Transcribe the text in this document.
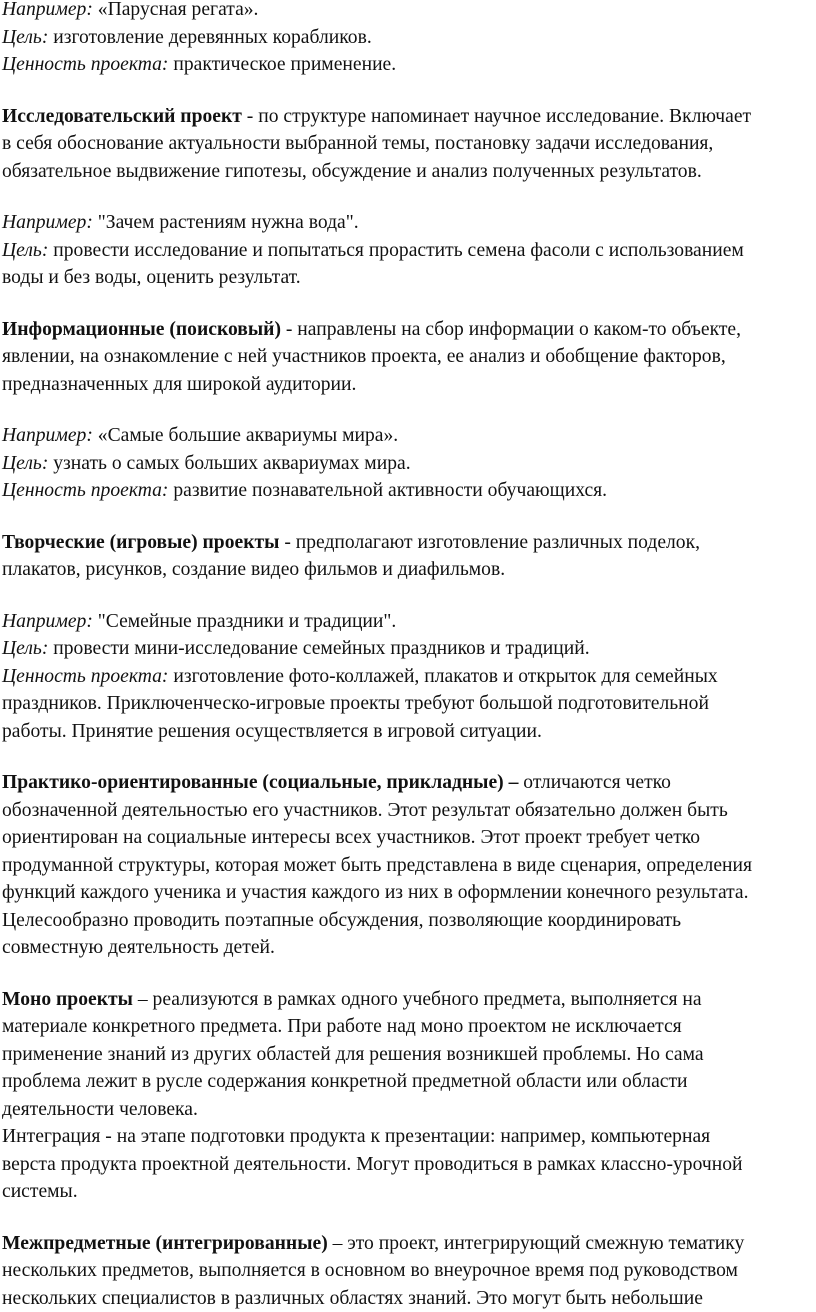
Например: «Парусная регата».
Цель: изготовление деревянных корабликов.
Ценность проекта: практическое применение.
Исследовательский проект - по структуре напоминает научное исследование. Включает
в себя обоснование актуальности выбранной темы, постановку задачи исследования,
обязательное выдвижение гипотезы, обсуждение и анализ полученных результатов.
Например: "Зачем растениям нужна вода".
Цель: провести исследование и попытаться прорастить семена фасоли с использованием
воды и без воды, оценить результат.
Информационные (поисковый) - направлены на сбор информации о каком-то объекте,
явлении, на ознакомление с ней участников проекта, ее анализ и обобщение факторов,
предназначенных для широкой аудитории.
Например: «Самые большие аквариумы мира».
Цель: узнать о самых больших аквариумах мира.
Ценность проекта: развитие познавательной активности обучающихся.
Творческие (игровые) проекты - предполагают изготовление различных поделок,
плакатов, рисунков, создание видео фильмов и диафильмов.
Например: "Семейные праздники и традиции".
Цель: провести мини-исследование семейных праздников и традиций.
Ценность проекта: изготовление фото-коллажей, плакатов и открыток для семейных
праздников. Приключенческо-игровые проекты требуют большой подготовительной
работы. Принятие решения осуществляется в игровой ситуации.
Практико-ориентированные (социальные, прикладные) – отличаются четко
обозначенной деятельностью его участников. Этот результат обязательно должен быть
ориентирован на социальные интересы всех участников. Этот проект требует четко
продуманной структуры, которая может быть представлена в виде сценария, определения
функций каждого ученика и участия каждого из них в оформлении конечного результата.
Целесообразно проводить поэтапные обсуждения, позволяющие координировать
совместную деятельность детей.
Моно проекты – реализуются в рамках одного учебного предмета, выполняется на
материале конкретного предмета. При работе над моно проектом не исключается
применение знаний из других областей для решения возникшей проблемы. Но сама
проблема лежит в русле содержания конкретной предметной области или области
деятельности человека.
Интеграция - на этапе подготовки продукта к презентации: например, компьютерная
верста продукта проектной деятельности. Могут проводиться в рамках классно-урочной
системы.
Межпредметные (интегрированные) – это проект, интегрирующий смежную тематику
нескольких предметов, выполняется в основном во внеурочное время под руководством
нескольких специалистов в различных областях знаний. Это могут быть небольшие
